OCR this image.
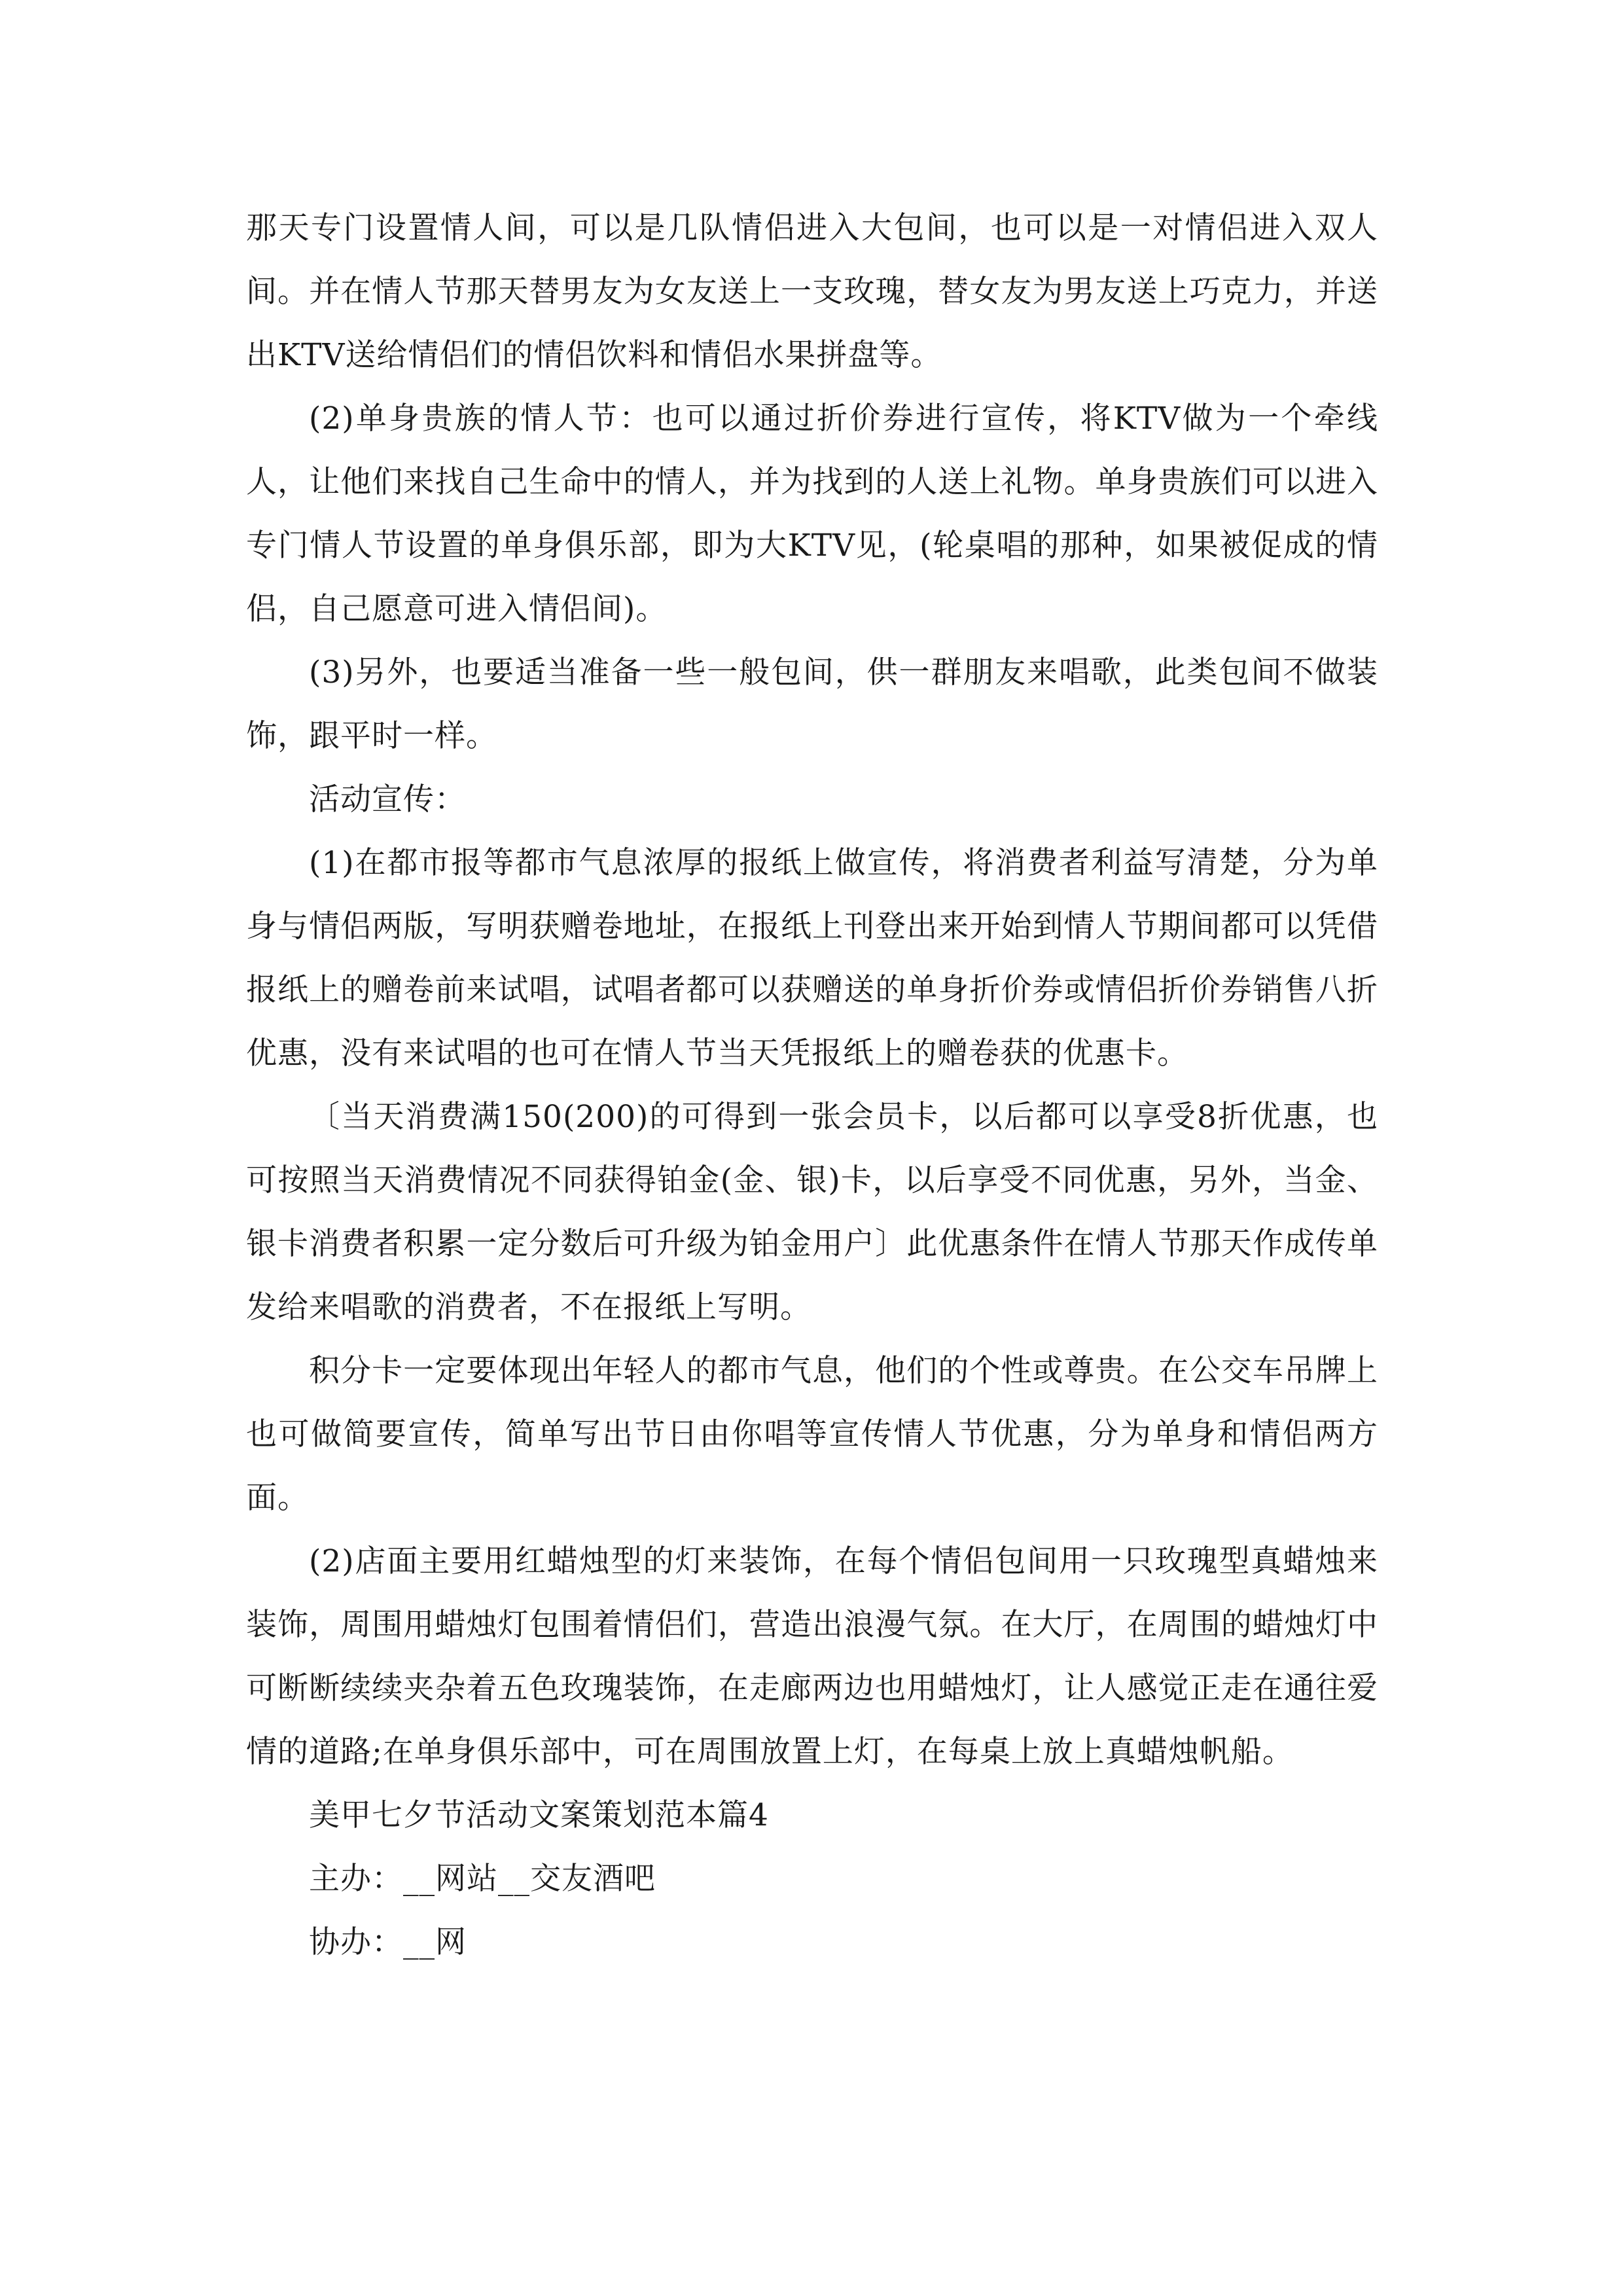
那天专门设置情人间，可以是几队情侣进入大包间，也可以是一对情侣进入双人间。并在情人节那天替男友为女友送上一支玫瑰，替女友为男友送上巧克力，并送出KTV送给情侣们的情侣饮料和情侣水果拼盘等。

(2)单身贵族的情人节：也可以通过折价券进行宣传，将KTV做为一个牵线人，让他们来找自己生命中的情人，并为找到的人送上礼物。单身贵族们可以进入专门情人节设置的单身俱乐部，即为大KTV见，(轮桌唱的那种，如果被促成的情侣，自己愿意可进入情侣间)。

(3)另外，也要适当准备一些一般包间，供一群朋友来唱歌，此类包间不做装饰，跟平时一样。

活动宣传：

(1)在都市报等都市气息浓厚的报纸上做宣传，将消费者利益写清楚，分为单身与情侣两版，写明获赠卷地址，在报纸上刊登出来开始到情人节期间都可以凭借报纸上的赠卷前来试唱，试唱者都可以获赠送的单身折价券或情侣折价券销售八折优惠，没有来试唱的也可在情人节当天凭报纸上的赠卷获的优惠卡。

〔当天消费满150(200)的可得到一张会员卡，以后都可以享受8折优惠，也可按照当天消费情况不同获得铂金(金、银)卡，以后享受不同优惠，另外，当金、银卡消费者积累一定分数后可升级为铂金用户〕此优惠条件在情人节那天作成传单发给来唱歌的消费者，不在报纸上写明。

积分卡一定要体现出年轻人的都市气息，他们的个性或尊贵。在公交车吊牌上也可做简要宣传，简单写出节日由你唱等宣传情人节优惠，分为单身和情侣两方面。

(2)店面主要用红蜡烛型的灯来装饰，在每个情侣包间用一只玫瑰型真蜡烛来装饰，周围用蜡烛灯包围着情侣们，营造出浪漫气氛。在大厅，在周围的蜡烛灯中可断断续续夹杂着五色玫瑰装饰，在走廊两边也用蜡烛灯，让人感觉正走在通往爱情的道路;在单身俱乐部中，可在周围放置上灯，在每桌上放上真蜡烛帆船。

美甲七夕节活动文案策划范本篇4

主办：__网站__交友酒吧

协办：__网
